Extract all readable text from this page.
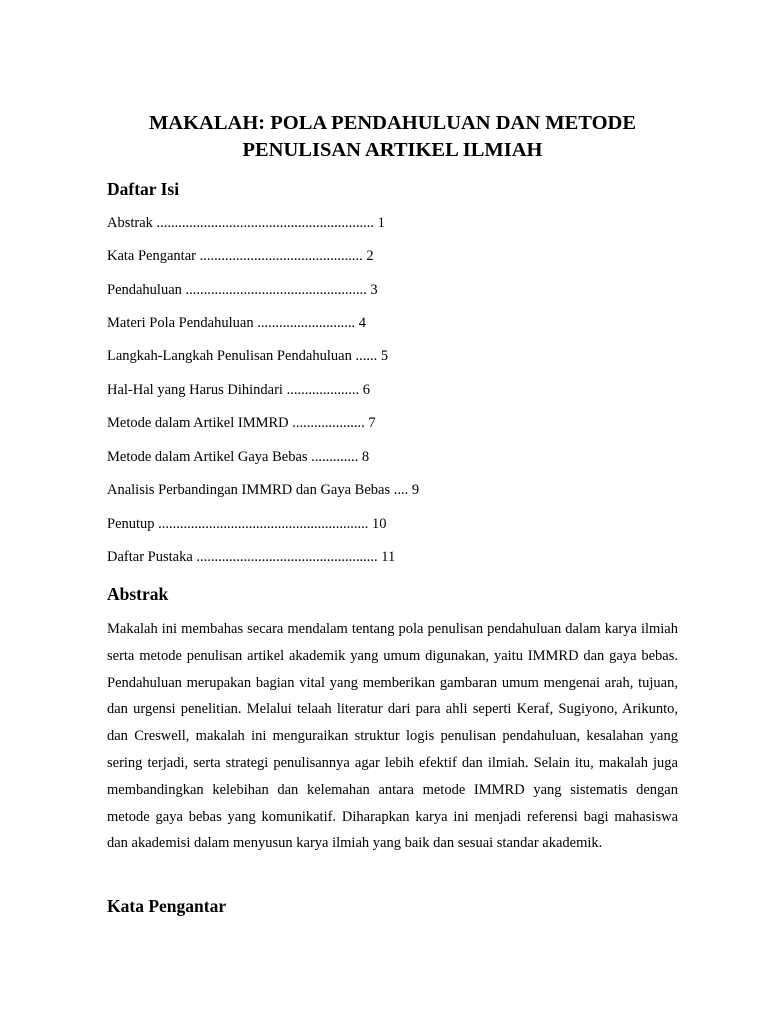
MAKALAH: POLA PENDAHULUAN DAN METODE
PENULISAN ARTIKEL ILMIAH
Daftar Isi
Abstrak ............................................................ 1
Kata Pengantar ............................................. 2
Pendahuluan .................................................. 3
Materi Pola Pendahuluan ........................... 4
Langkah-Langkah Penulisan Pendahuluan ...... 5
Hal-Hal yang Harus Dihindari .................... 6
Metode dalam Artikel IMMRD .................... 7
Metode dalam Artikel Gaya Bebas ............. 8
Analisis Perbandingan IMMRD dan Gaya Bebas .... 9
Penutup .......................................................... 10
Daftar Pustaka .................................................. 11
Abstrak

Makalah ini membahas secara mendalam tentang pola penulisan pendahuluan dalam karya ilmiah serta metode penulisan artikel akademik yang umum digunakan, yaitu IMMRD dan gaya bebas. Pendahuluan merupakan bagian vital yang memberikan gambaran umum mengenai arah, tujuan, dan urgensi penelitian. Melalui telaah literatur dari para ahli seperti Keraf, Sugiyono, Arikunto, dan Creswell, makalah ini menguraikan struktur logis penulisan pendahuluan, kesalahan yang sering terjadi, serta strategi penulisannya agar lebih efektif dan ilmiah. Selain itu, makalah juga membandingkan kelebihan dan kelemahan antara metode IMMRD yang sistematis dengan metode gaya bebas yang komunikatif. Diharapkan karya ini menjadi referensi bagi mahasiswa dan akademisi dalam menyusun karya ilmiah yang baik dan sesuai standar akademik.

Kata Pengantar
